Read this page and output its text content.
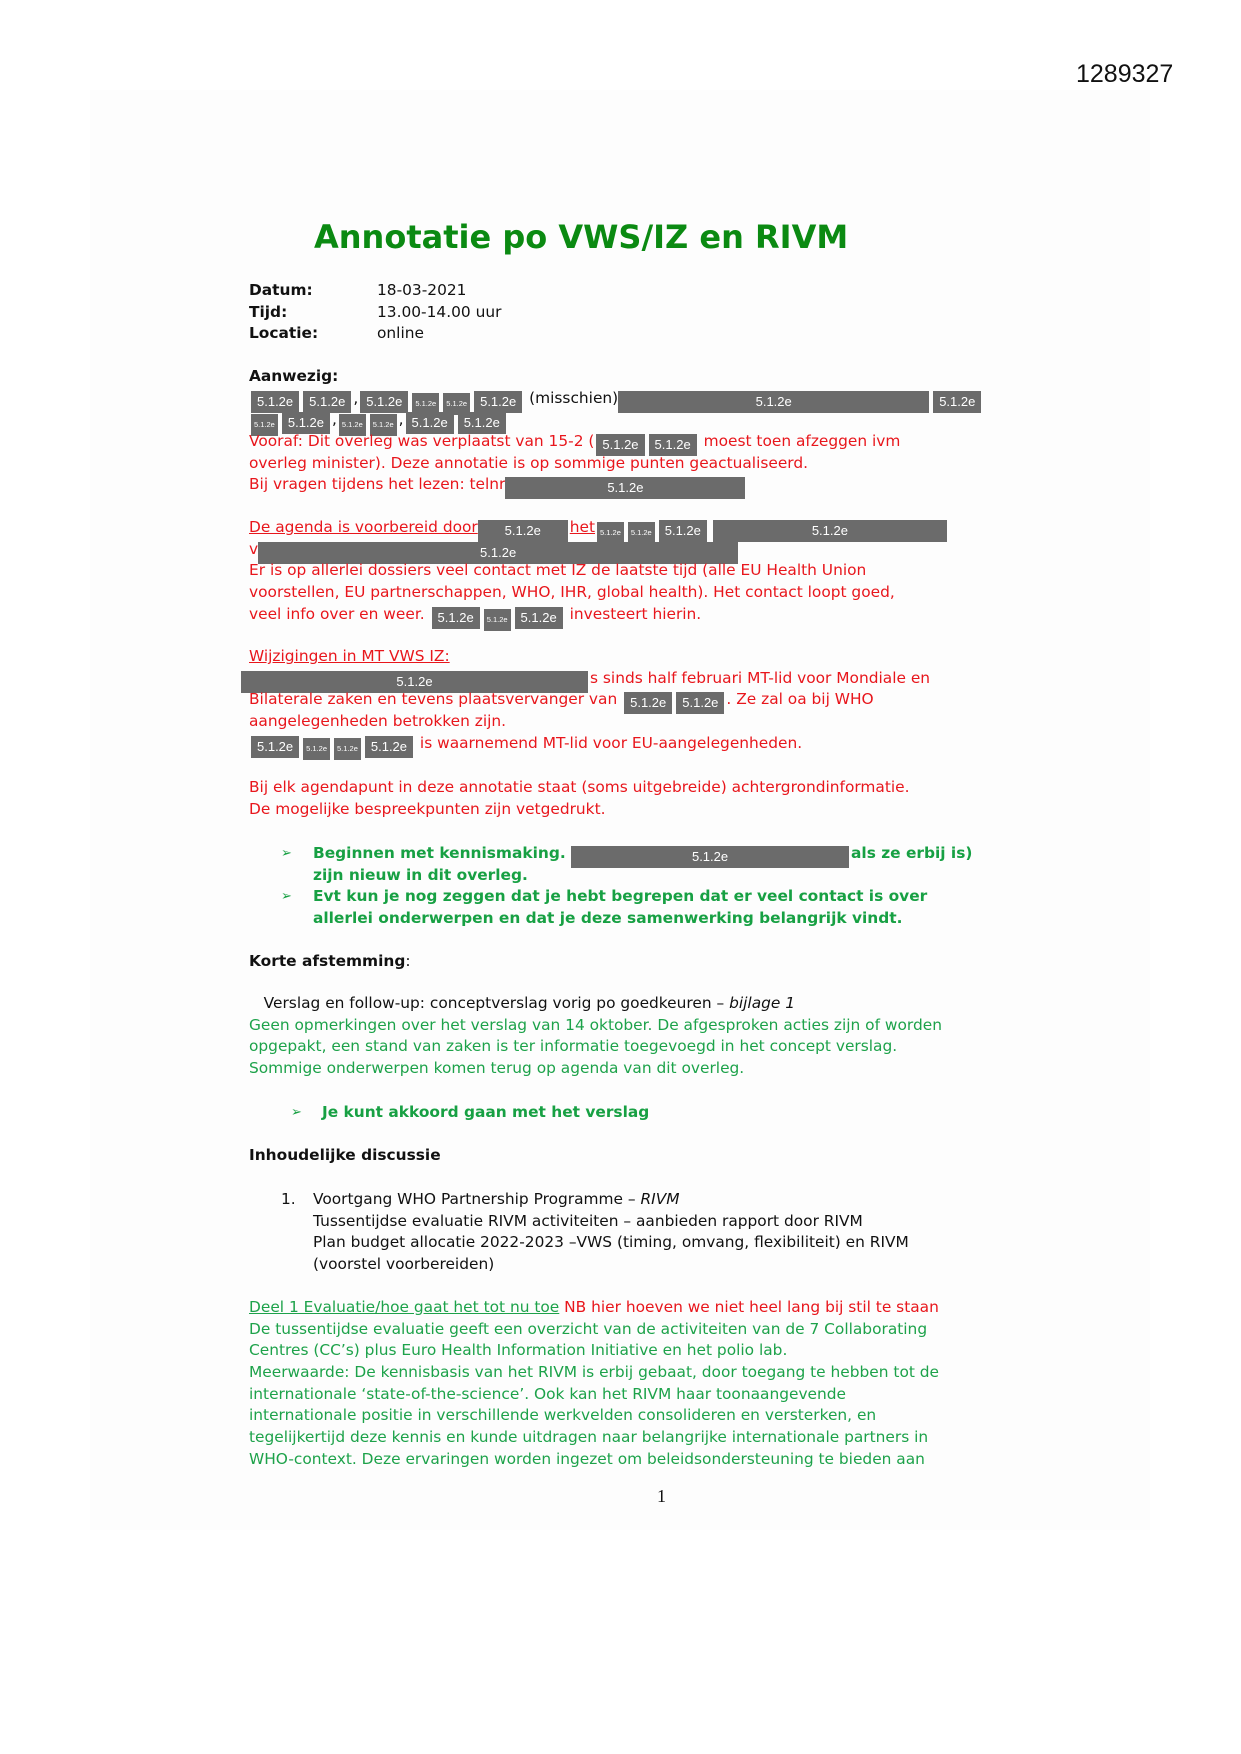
1289327
Annotatie po VWS/IZ en RIVM
Datum:	18-03-2021
Tijd:	13.00-14.00 uur
Locatie:	online
Aanwezig:
5.1.2e 5.1.2e , 5.1.2e 5.1.2e 5.1.2e 5.1.2e (misschien)	5.1.2e	5.1.2e
5.1.2e 5.1.2e , 5.1.2e 5.1.2e , 5.1.2e 5.1.2e
Vooraf: Dit overleg was verplaatst van 15-2 ( 5.1.2e 5.1.2e moest toen afzeggen ivm
overleg minister). Deze annotatie is op sommige punten geactualiseerd.
Bij vragen tijdens het lezen: telnr	5.1.2e
De agenda is voorbereid door 5.1.2e het 5.1.2e 5.1.2e 5.1.2e	5.1.2e
v	5.1.2e
Er is op allerlei dossiers veel contact met IZ de laatste tijd (alle EU Health Union
voorstellen, EU partnerschappen, WHO, IHR, global health). Het contact loopt goed,
veel info over en weer. 5.1.2e 5.1.2e 5.1.2e investeert hierin.
Wijzigingen in MT VWS IZ:
5.1.2e	s sinds half februari MT-lid voor Mondiale en
Bilaterale zaken en tevens plaatsvervanger van 5.1.2e 5.1.2e . Ze zal oa bij WHO
aangelegenheden betrokken zijn.
5.1.2e 5.1.2e 5.1.2e 5.1.2e is waarnemend MT-lid voor EU-aangelegenheden.
Bij elk agendapunt in deze annotatie staat (soms uitgebreide) achtergrondinformatie.
De mogelijke bespreekpunten zijn vetgedrukt.
➢ Beginnen met kennismaking.	5.1.2e	als ze erbij is)
zijn nieuw in dit overleg.
➢ Evt kun je nog zeggen dat je hebt begrepen dat er veel contact is over
allerlei onderwerpen en dat je deze samenwerking belangrijk vindt.
Korte afstemming:
Verslag en follow-up: conceptverslag vorig po goedkeuren – bijlage 1
Geen opmerkingen over het verslag van 14 oktober. De afgesproken acties zijn of worden
opgepakt, een stand van zaken is ter informatie toegevoegd in het concept verslag.
Sommige onderwerpen komen terug op agenda van dit overleg.
➢ Je kunt akkoord gaan met het verslag
Inhoudelijke discussie
1. Voortgang WHO Partnership Programme – RIVM
Tussentijdse evaluatie RIVM activiteiten – aanbieden rapport door RIVM
Plan budget allocatie 2022-2023 –VWS (timing, omvang, flexibiliteit) en RIVM
(voorstel voorbereiden)
Deel 1 Evaluatie/hoe gaat het tot nu toe NB hier hoeven we niet heel lang bij stil te staan
De tussentijdse evaluatie geeft een overzicht van de activiteiten van de 7 Collaborating
Centres (CC’s) plus Euro Health Information Initiative en het polio lab.
Meerwaarde: De kennisbasis van het RIVM is erbij gebaat, door toegang te hebben tot de
internationale ‘state-of-the-science’. Ook kan het RIVM haar toonaangevende
internationale positie in verschillende werkvelden consolideren en versterken, en
tegelijkertijd deze kennis en kunde uitdragen naar belangrijke internationale partners in
WHO-context. Deze ervaringen worden ingezet om beleidsondersteuning te bieden aan
1
